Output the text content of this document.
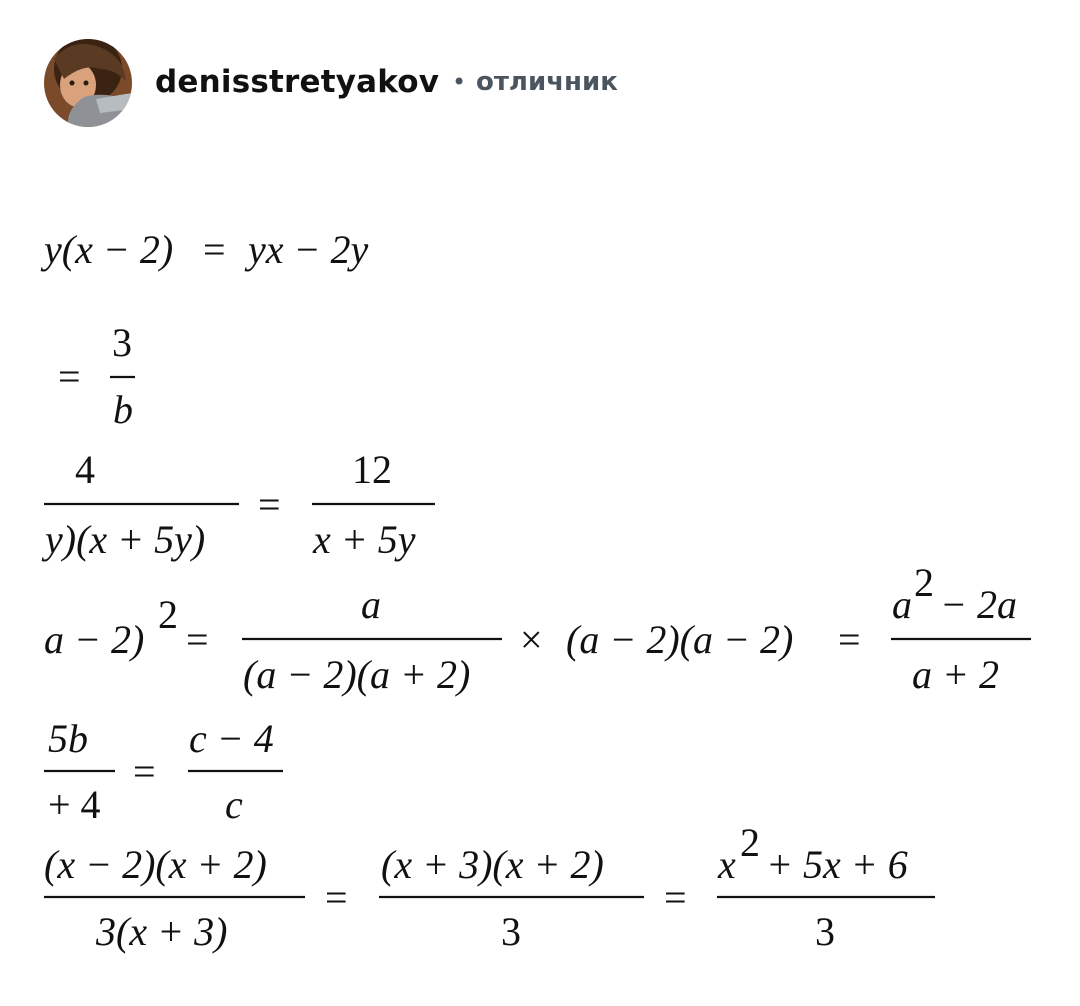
denisstretyakov • отличник
y(x − 2) = yx − 2y
=
3
b
4
y)(x + 5y)
=
12
x + 5y
a − 2)
2
=
a
(a − 2)(a + 2)
× (a − 2)(a − 2) =
a 2
− 2a
a + 2
5b
+ 4
=
c − 4
c
(x − 2)(x + 2)
3(x + 3)
=
(x + 3)(x + 2)
3
=
x 2
+ 5x + 6
3
